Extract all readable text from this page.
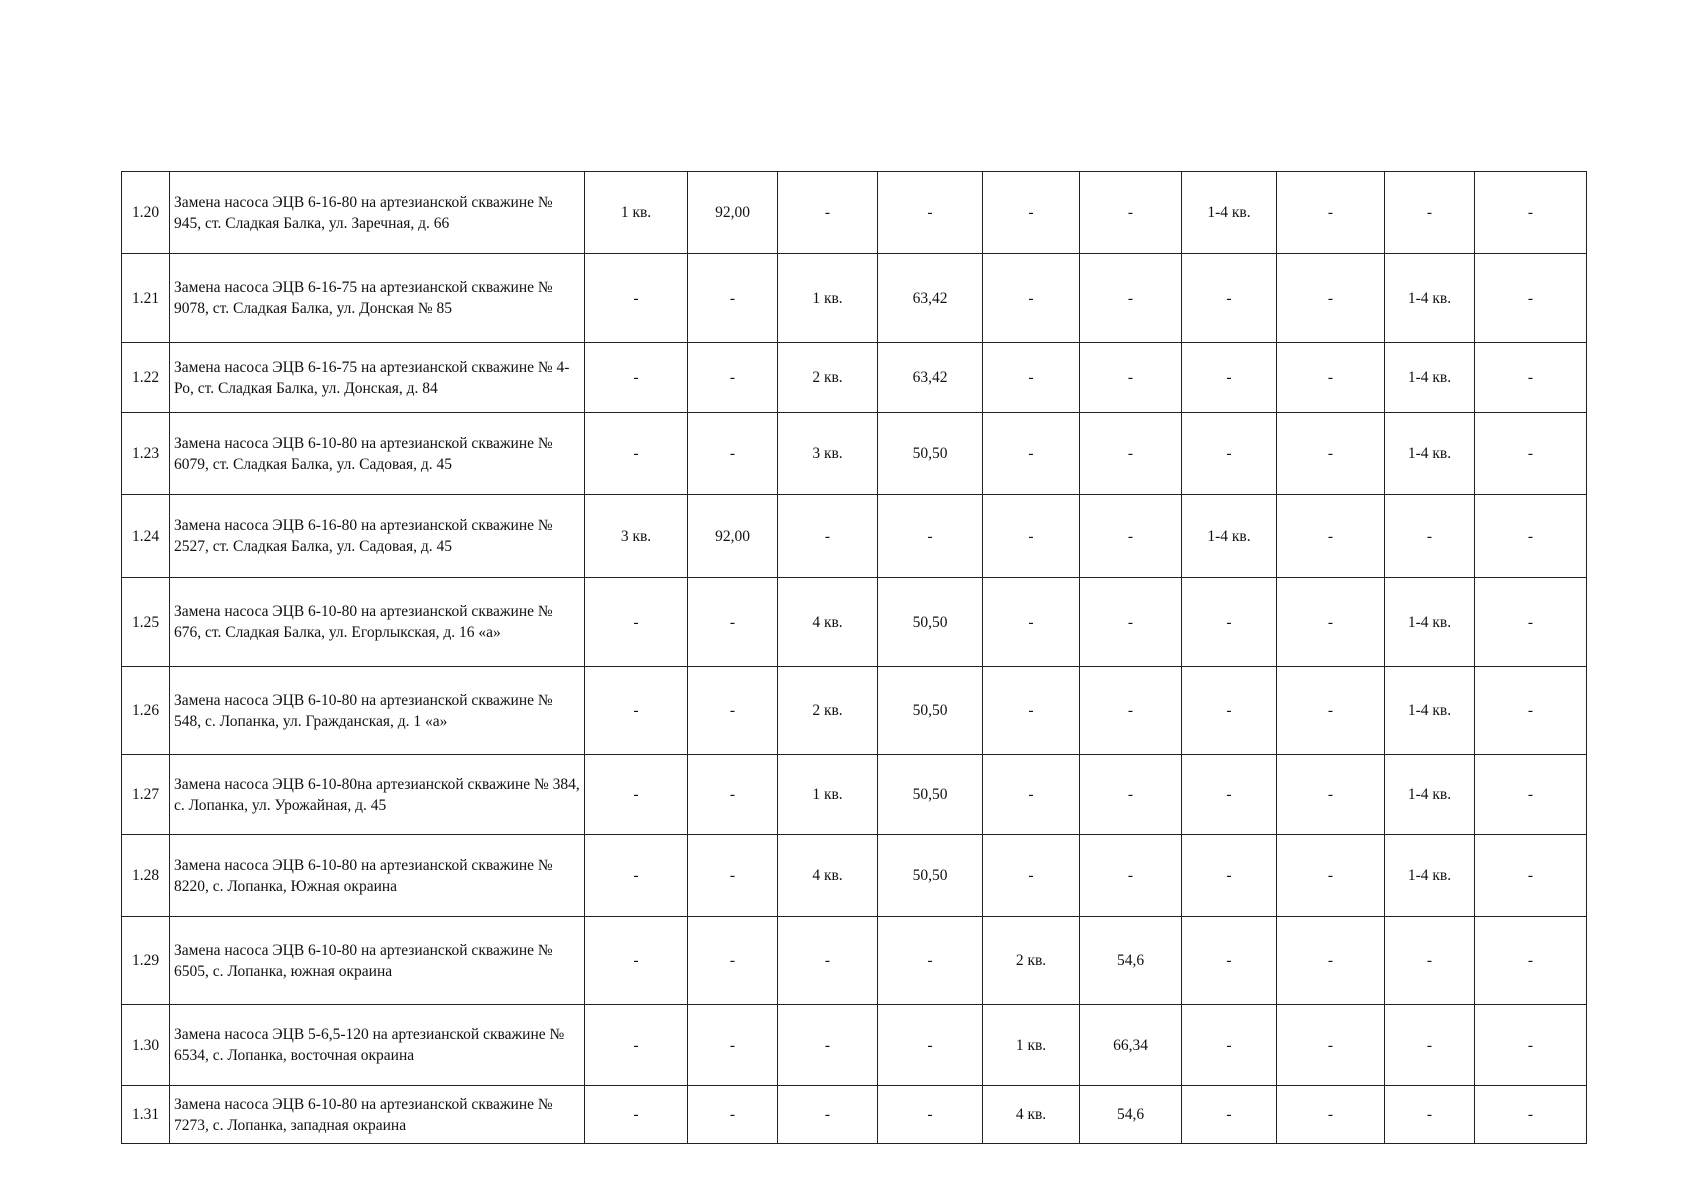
1.20	Замена насоса ЭЦВ 6-16-80 на артезианской скважине № 945, ст. Сладкая Балка, ул. Заречная, д. 66	1 кв.	92,00	-	-	-	-	1-4 кв.	-	-	-
1.21	Замена насоса ЭЦВ 6-16-75 на артезианской скважине № 9078, ст. Сладкая Балка, ул. Донская № 85	-	-	1 кв.	63,42	-	-	-	-	1-4 кв.	-
1.22	Замена насоса ЭЦВ 6-16-75 на артезианской скважине № 4-Ро, ст. Сладкая Балка, ул. Донская, д. 84	-	-	2 кв.	63,42	-	-	-	-	1-4 кв.	-
1.23	Замена насоса ЭЦВ 6-10-80 на артезианской скважине № 6079, ст. Сладкая Балка, ул. Садовая, д. 45	-	-	3 кв.	50,50	-	-	-	-	1-4 кв.	-
1.24	Замена насоса ЭЦВ 6-16-80 на артезианской скважине № 2527, ст. Сладкая Балка, ул. Садовая, д. 45	3 кв.	92,00	-	-	-	-	1-4 кв.	-	-	-
1.25	Замена насоса ЭЦВ 6-10-80 на артезианской скважине № 676, ст. Сладкая Балка, ул. Егорлыкская, д. 16 «а»	-	-	4 кв.	50,50	-	-	-	-	1-4 кв.	-
1.26	Замена насоса ЭЦВ 6-10-80 на артезианской скважине № 548, с. Лопанка, ул. Гражданская, д. 1 «а»	-	-	2 кв.	50,50	-	-	-	-	1-4 кв.	-
1.27	Замена насоса ЭЦВ 6-10-80на артезианской скважине № 384, с. Лопанка, ул. Урожайная, д. 45	-	-	1 кв.	50,50	-	-	-	-	1-4 кв.	-
1.28	Замена насоса ЭЦВ 6-10-80 на артезианской скважине № 8220, с. Лопанка, Южная окраина	-	-	4 кв.	50,50	-	-	-	-	1-4 кв.	-
1.29	Замена насоса ЭЦВ 6-10-80 на артезианской скважине № 6505, с. Лопанка, южная окраина	-	-	-	-	2 кв.	54,6	-	-	-	-
1.30	Замена насоса ЭЦВ 5-6,5-120 на артезианской скважине № 6534, с. Лопанка, восточная окраина	-	-	-	-	1 кв.	66,34	-	-	-	-
1.31	Замена насоса ЭЦВ 6-10-80 на артезианской скважине № 7273, с. Лопанка, западная окраина	-	-	-	-	4 кв.	54,6	-	-	-	-
